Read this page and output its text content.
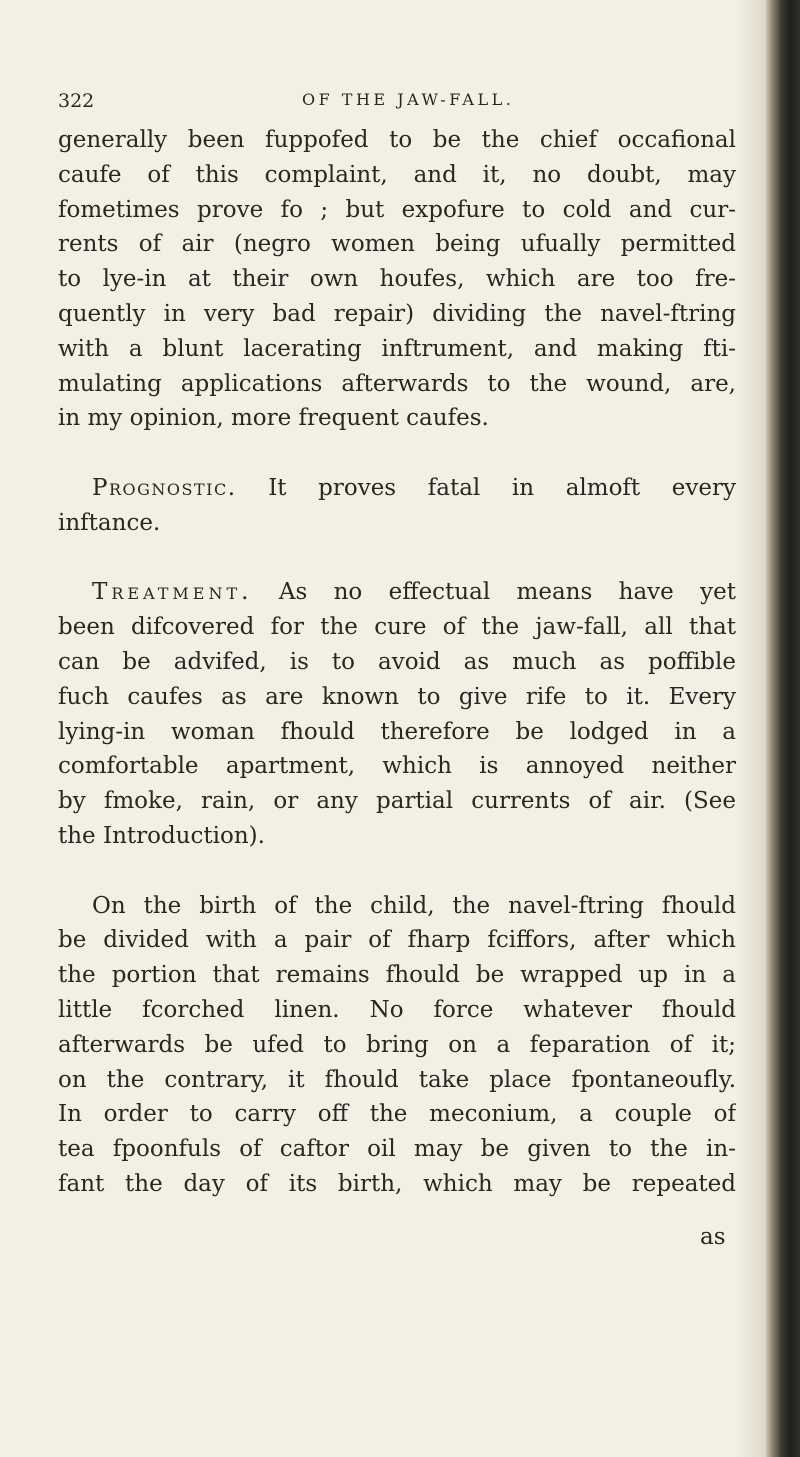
322	OF THE JAW-FALL.
generally been fuppofed to be the chief occafional
caufe of this complaint, and it, no doubt, may
fometimes prove fo ; but expofure to cold and cur-
rents of air (negro women being ufually permitted
to lye-in at their own houfes, which are too fre-
quently in very bad repair) dividing the navel-ftring
with a blunt lacerating inftrument, and making fti-
mulating applications afterwards to the wound, are,
in my opinion, more frequent caufes.
Prognostic. It proves fatal in almoft every
inftance.
Treatment. As no effectual means have yet
been difcovered for the cure of the jaw-fall, all that
can be advifed, is to avoid as much as poffible
fuch caufes as are known to give rife to it. Every
lying-in woman fhould therefore be lodged in a
comfortable apartment, which is annoyed neither
by fmoke, rain, or any partial currents of air. (See
the Introduction).
On the birth of the child, the navel-ftring fhould
be divided with a pair of fharp fciffors, after which
the portion that remains fhould be wrapped up in a
little fcorched linen. No force whatever fhould
afterwards be ufed to bring on a feparation of it;
on the contrary, it fhould take place fpontaneoufly.
In order to carry off the meconium, a couple of
tea fpoonfuls of caftor oil may be given to the in-
fant the day of its birth, which may be repeated
as
